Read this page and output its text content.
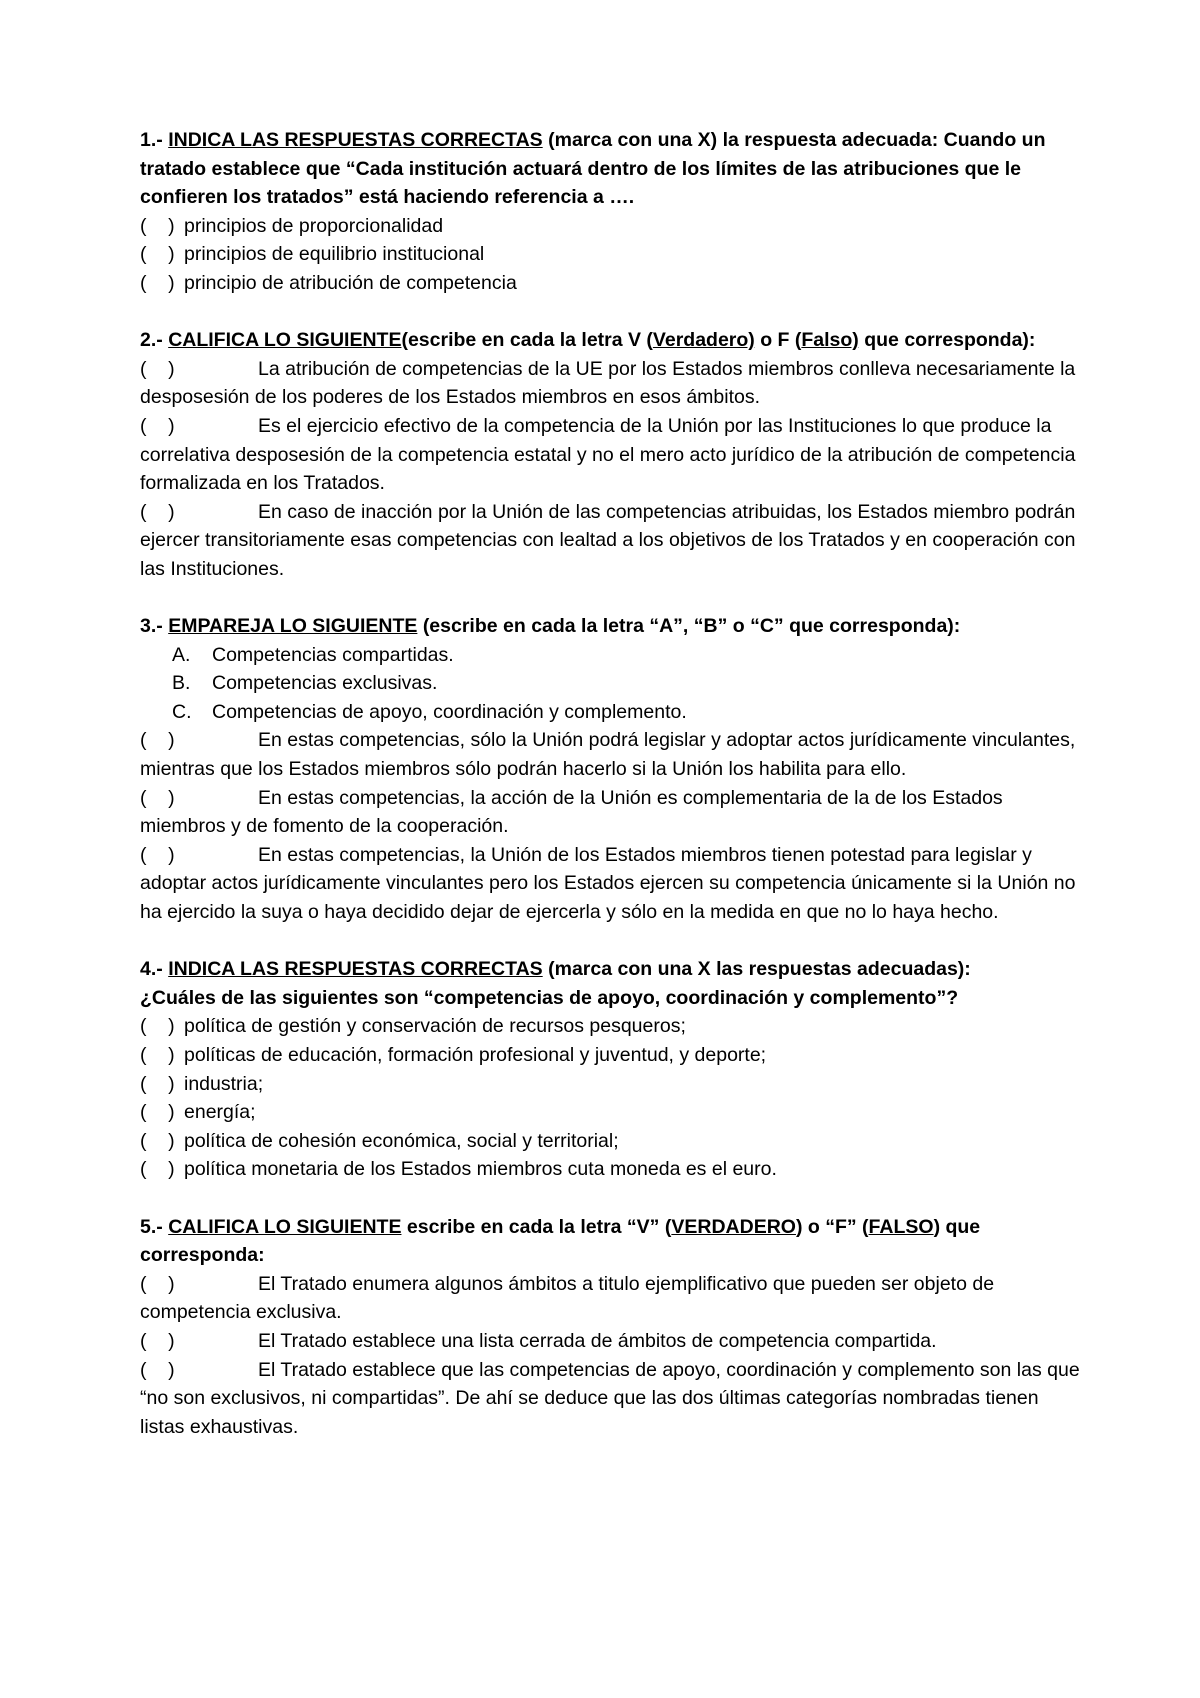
1.- INDICA LAS RESPUESTAS CORRECTAS (marca con una X) la respuesta adecuada: Cuando un tratado establece que “Cada institución actuará dentro de los límites de las atribuciones que le confieren los tratados” está haciendo referencia a ….

(    ) principios de proporcionalidad
(    ) principios de equilibrio institucional
(    ) principio de atribución de competencia

2.- CALIFICA LO SIGUIENTE(escribe en cada la letra V (Verdadero) o F (Falso) que corresponda):

(    )	La atribución de competencias de la UE por los Estados miembros conlleva necesariamente la desposesión de los poderes de los Estados miembros en esos ámbitos.

(    )	Es el ejercicio efectivo de la competencia de la Unión por las Instituciones lo que produce la correlativa desposesión de la competencia estatal y no el mero acto jurídico de la atribución de competencia formalizada en los Tratados.

(    )	En caso de inacción por la Unión de las competencias atribuidas, los Estados miembro podrán ejercer transitoriamente esas competencias con lealtad a los objetivos de los Tratados y en cooperación con las Instituciones.

3.- EMPAREJA LO SIGUIENTE (escribe en cada la letra “A”, “B” o “C” que corresponda):

A. Competencias compartidas.
B. Competencias exclusivas.
C. Competencias de apoyo, coordinación y complemento.

(    )	En estas competencias, sólo la Unión podrá legislar y adoptar actos jurídicamente vinculantes, mientras que los Estados miembros sólo podrán hacerlo si la Unión los habilita para ello.

(    )	En estas competencias, la acción de la Unión es complementaria de la de los Estados miembros y de fomento de la cooperación.

(    )	En estas competencias, la Unión de los Estados miembros tienen potestad para legislar y adoptar actos jurídicamente vinculantes pero los Estados ejercen su competencia únicamente si la Unión no ha ejercido la suya o haya decidido dejar de ejercerla y sólo en la medida en que no lo haya hecho.

4.- INDICA LAS RESPUESTAS CORRECTAS (marca con una X las respuestas adecuadas):

¿Cuáles de las siguientes son “competencias de apoyo, coordinación y complemento”?

(    ) política de gestión y conservación de recursos pesqueros;
(    ) políticas de educación, formación profesional y juventud, y deporte;
(    ) industria;
(    ) energía;
(    ) política de cohesión económica, social y territorial;
(    ) política monetaria de los Estados miembros cuta moneda es el euro.

5.- CALIFICA LO SIGUIENTE escribe en cada la letra “V” (VERDADERO) o “F” (FALSO) que corresponda:

(    )	El Tratado enumera algunos ámbitos a titulo ejemplificativo que pueden ser objeto de competencia exclusiva.

(    )	El Tratado establece una lista cerrada de ámbitos de competencia compartida.

(    )	El Tratado establece que las competencias de apoyo, coordinación y complemento son las que “no son exclusivos, ni compartidas”. De ahí se deduce que las dos últimas categorías nombradas tienen listas exhaustivas.
